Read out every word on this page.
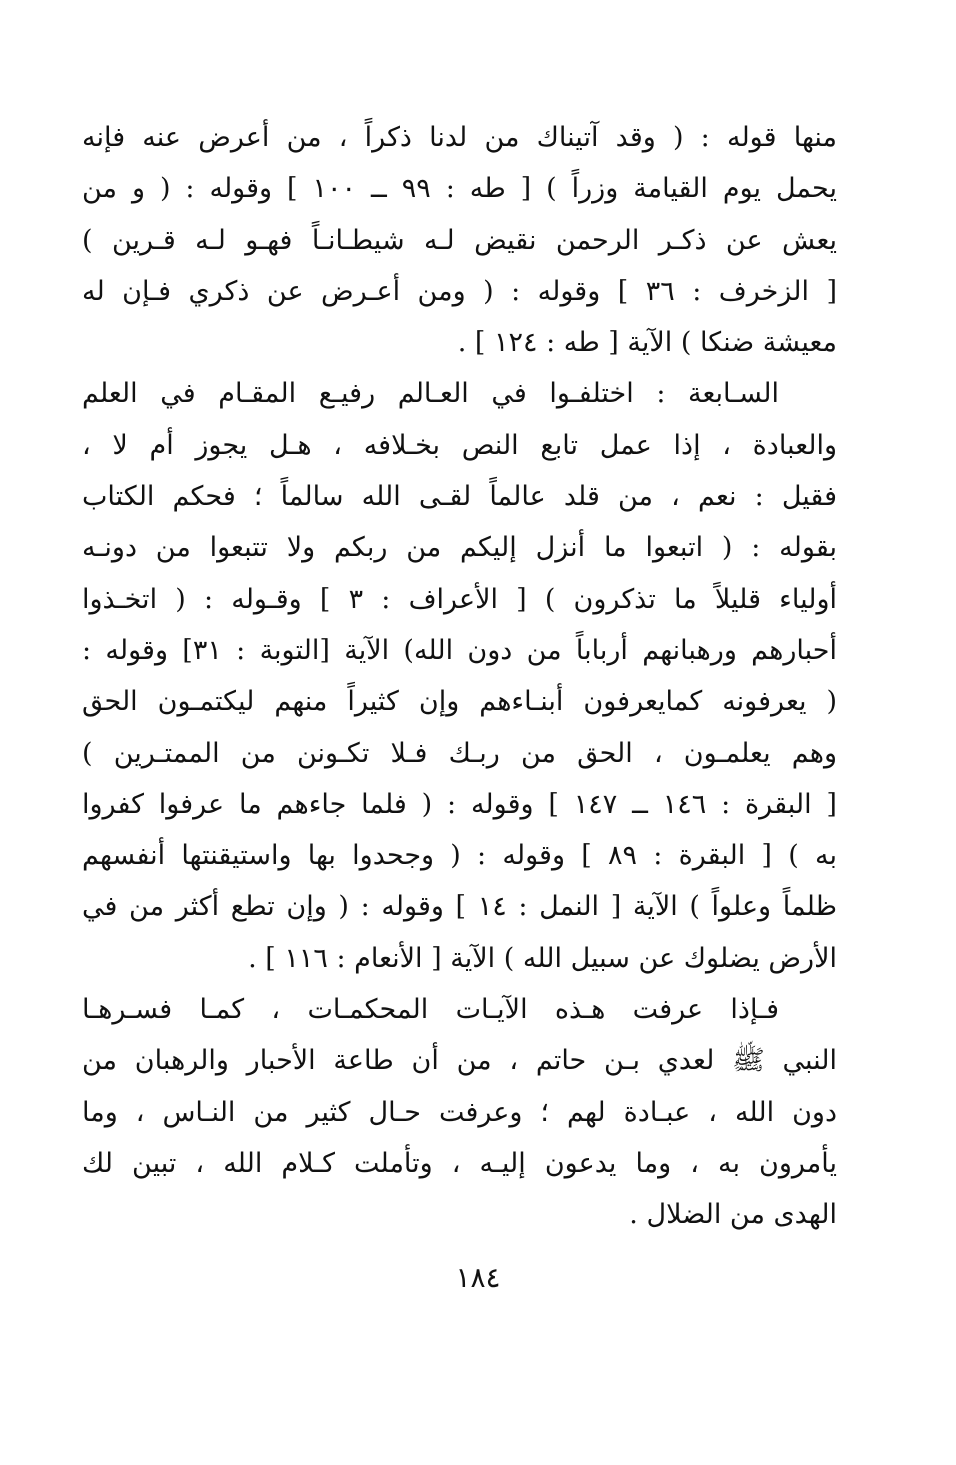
منها قوله : ( وقد آتيناك من لدنا ذكراً ، من أعرض عنه فإنه
يحمل يوم القيامة وزراً ) [ طه : ٩٩ ــ ١٠٠ ] وقوله : ( و من
يعش عن ذكـر الرحمن نقيض لـه شيطـانـاً فهـو لـه قـرين )
[ الزخرف : ٣٦ ] وقوله : ( ومن أعـرض عن ذكري فـإن له
معيشة ضنكا ) الآية [ طه : ١٢٤ ] .
السـابعة : اختلفـوا في العـالم رفيـع المقـام في العلم
والعبادة ، إذا عمل تابع النص بخـلافه ، هـل يجوز أم لا ،
فقيل : نعم ، من قلد عالماً لقـى الله سالماً ؛ فحكم الكتاب
بقوله : ( اتبعوا ما أنزل إليكم من ربكم ولا تتبعوا من دونـه
أولياء قليلاً ما تذكرون ) [ الأعراف : ٣ ] وقـوله : ( اتخـذوا
أحبارهم ورهبانهم أرباباً من دون الله) الآية [التوبة : ٣١] وقوله :
( يعرفونه كمايعرفون أبنـاءهم وإن كثيراً منهم ليكتمـون الحق
وهم يعلمـون ، الحق من ربـك فـلا تكـونن من الممتـرين )
[ البقرة : ١٤٦ ــ ١٤٧ ] وقوله : ( فلما جاءهم ما عرفوا كفروا
به ) [ البقرة : ٨٩ ] وقوله : ( وجحدوا بها واستيقنتها أنفسهم
ظلماً وعلواً ) الآية [ النمل : ١٤ ] وقوله : ( وإن تطع أكثر من في
الأرض يضلوك عن سبيل الله ) الآية [ الأنعام : ١١٦ ] .
فـإذا عرفت هـذه الآيـات المحكمـات ، كمـا فسـرهـا
النبي ﷺ لعدي بـن حاتم ، من أن طاعة الأحبار والرهبان من
دون الله ، عبـادة لهم ؛ وعرفت حـال كثير من النـاس ، وما
يأمرون به ، وما يدعون إليـه ، وتأملت كـلام الله ، تبين لك
الهدى من الضلال .
١٨٤
